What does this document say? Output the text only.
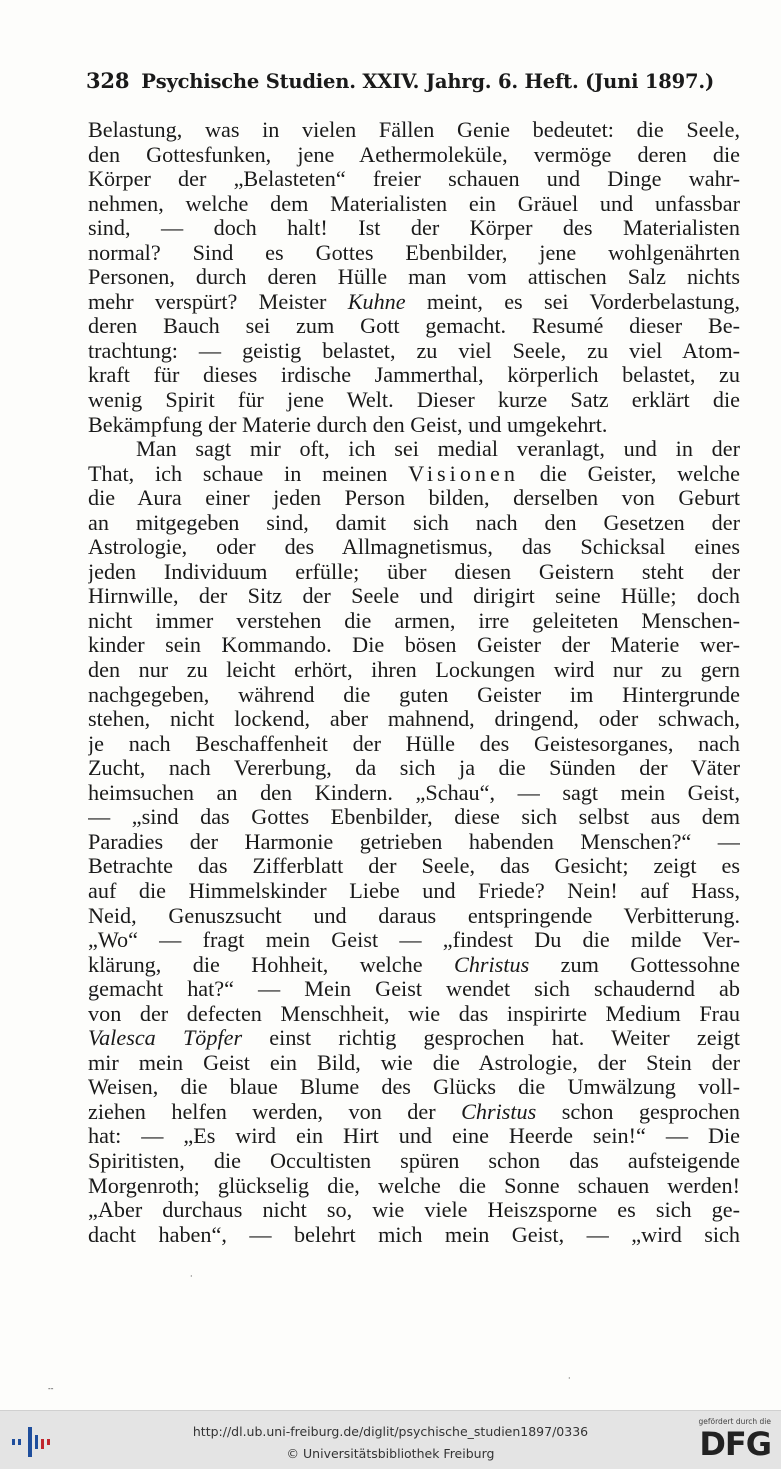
328 Psychische Studien. XXIV. Jahrg. 6. Heft. (Juni 1897.)
Belastung, was in vielen Fällen Genie bedeutet: die Seele,
den Gottesfunken, jene Aethermoleküle, vermöge deren die
Körper der „Belasteten“ freier schauen und Dinge wahr-
nehmen, welche dem Materialisten ein Gräuel und unfassbar
sind, — doch halt! Ist der Körper des Materialisten
normal? Sind es Gottes Ebenbilder, jene wohlgenährten
Personen, durch deren Hülle man vom attischen Salz nichts
mehr verspürt? Meister Kuhne meint, es sei Vorderbelastung,
deren Bauch sei zum Gott gemacht. Resumé dieser Be-
trachtung: — geistig belastet, zu viel Seele, zu viel Atom-
kraft für dieses irdische Jammerthal, körperlich belastet, zu
wenig Spirit für jene Welt. Dieser kurze Satz erklärt die
Bekämpfung der Materie durch den Geist, und umgekehrt.
Man sagt mir oft, ich sei medial veranlagt, und in der
That, ich schaue in meinen Visionen die Geister, welche
die Aura einer jeden Person bilden, derselben von Geburt
an mitgegeben sind, damit sich nach den Gesetzen der
Astrologie, oder des Allmagnetismus, das Schicksal eines
jeden Individuum erfülle; über diesen Geistern steht der
Hirnwille, der Sitz der Seele und dirigirt seine Hülle; doch
nicht immer verstehen die armen, irre geleiteten Menschen-
kinder sein Kommando. Die bösen Geister der Materie wer-
den nur zu leicht erhört, ihren Lockungen wird nur zu gern
nachgegeben, während die guten Geister im Hintergrunde
stehen, nicht lockend, aber mahnend, dringend, oder schwach,
je nach Beschaffenheit der Hülle des Geistesorganes, nach
Zucht, nach Vererbung, da sich ja die Sünden der Väter
heimsuchen an den Kindern. „Schau“, — sagt mein Geist,
— „sind das Gottes Ebenbilder, diese sich selbst aus dem
Paradies der Harmonie getrieben habenden Menschen?“ —
Betrachte das Zifferblatt der Seele, das Gesicht; zeigt es
auf die Himmelskinder Liebe und Friede? Nein! auf Hass,
Neid, Genuszsucht und daraus entspringende Verbitterung.
„Wo“ — fragt mein Geist — „findest Du die milde Ver-
klärung, die Hohheit, welche Christus zum Gottessohne
gemacht hat?“ — Mein Geist wendet sich schaudernd ab
von der defecten Menschheit, wie das inspirirte Medium Frau
Valesca Töpfer einst richtig gesprochen hat. Weiter zeigt
mir mein Geist ein Bild, wie die Astrologie, der Stein der
Weisen, die blaue Blume des Glücks die Umwälzung voll-
ziehen helfen werden, von der Christus schon gesprochen
hat: — „Es wird ein Hirt und eine Heerde sein!“ — Die
Spiritisten, die Occultisten spüren schon das aufsteigende
Morgenroth; glückselig die, welche die Sonne schauen werden!
„Aber durchaus nicht so, wie viele Heiszsporne es sich ge-
dacht haben“, — belehrt mich mein Geist, — „wird sich
·
·
--
http://dl.ub.uni-freiburg.de/diglit/psychische_studien1897/0336
© Universitätsbibliothek Freiburg
gefördert durch die
DFG
